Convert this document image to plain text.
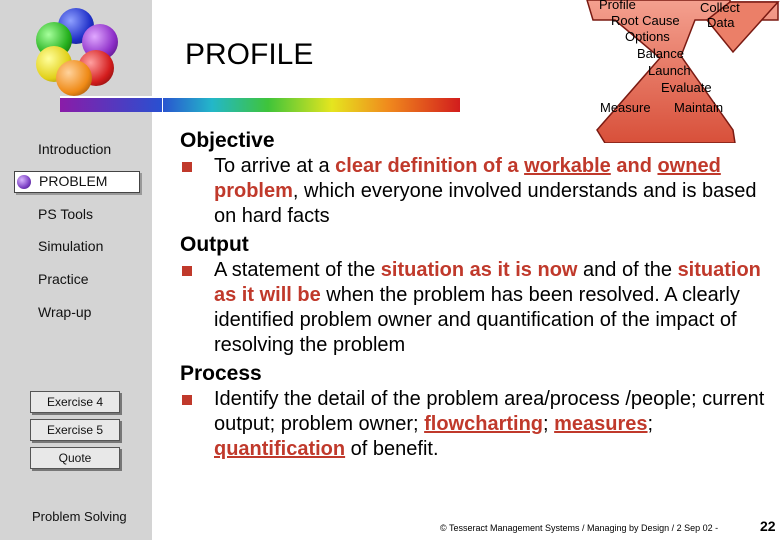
Introduction
PROBLEM
PS Tools
Simulation
Practice
Wrap-up
Exercise 4
Exercise 5
Quote
Problem Solving
PROFILE
Profile
Root Cause
Options
Balance
Launch
Evaluate
Measure Maintain
Collect
Data
Objective
To arrive at a clear definition of a workable and owned problem, which everyone involved understands and is based on hard facts
Output
A statement of the situation as it is now and of the situation as it will be when the problem has been resolved. A clearly identified problem owner and quantification of the impact of resolving the problem
Process
Identify the detail of the problem area/process /people; current output; problem owner; flowcharting; measures; quantification of benefit.
© Tesseract Management Systems / Managing by Design / 2 Sep 02 -	22
